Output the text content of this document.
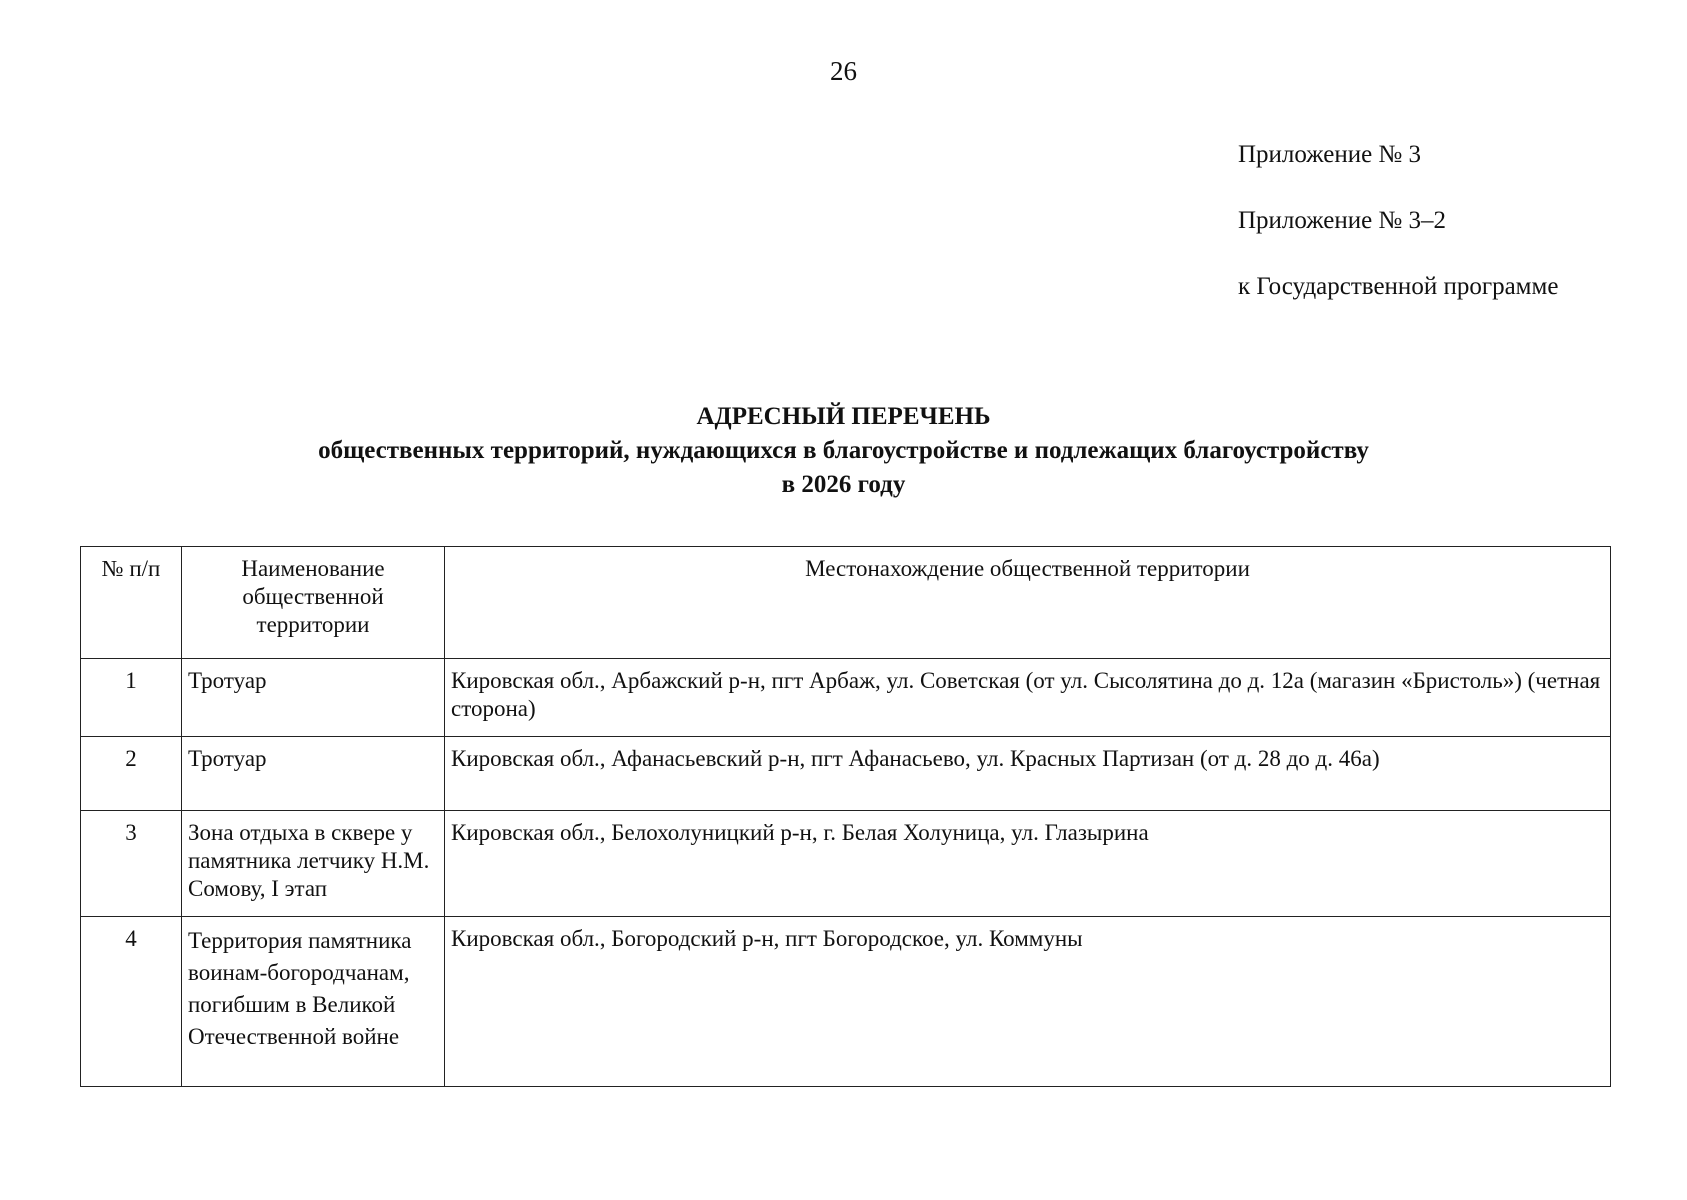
26
Приложение № 3
Приложение № 3–2
к Государственной программе
АДРЕСНЫЙ ПЕРЕЧЕНЬ
общественных территорий, нуждающихся в благоустройстве и подлежащих благоустройству
в 2026 году
№ п/п	Наименование общественной территории	Местонахождение общественной территории
1	Тротуар	Кировская обл., Арбажский р-н, пгт Арбаж, ул. Советская (от ул. Сысолятина до д. 12а (магазин «Бристоль») (четная сторона)
2	Тротуар	Кировская обл., Афанасьевский р-н, пгт Афанасьево, ул. Красных Партизан (от д. 28 до д. 46а)
3	Зона отдыха в сквере у памятника летчику Н.М. Сомову, I этап	Кировская обл., Белохолуницкий р-н, г. Белая Холуница, ул. Глазырина
4	Территория памятника воинам-богородчанам, погибшим в Великой Отечественной войне	Кировская обл., Богородский р-н, пгт Богородское, ул. Коммуны
